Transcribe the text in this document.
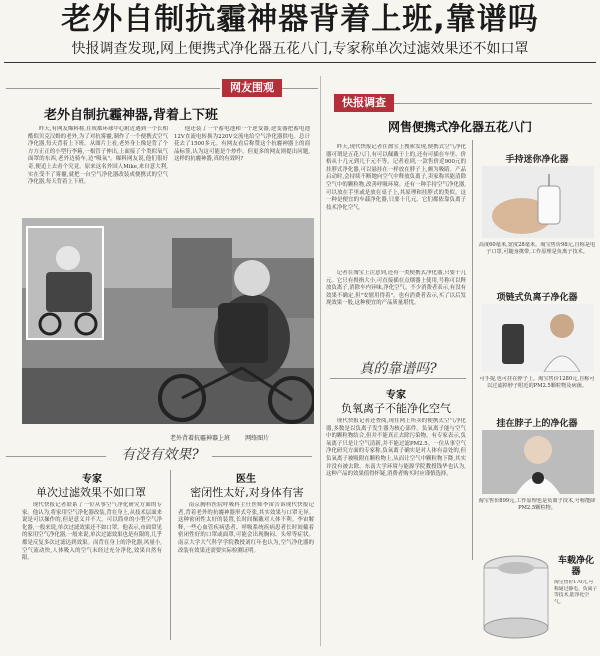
老外自制抗霾神器背着上班,靠谱吗
快报调查发现,网上便携式净化器五花八门,专家称单次过滤效果还不如口罩
网友围观
老外自制抗霾神器,背着上下班
昨天,有网友爆料称,在成都环球中心附近遇到一个长相酷似贝克汉姆的老外,为了对抗雾霾,制作了一个便携式空气净化器,每天背着上下班。从图片上看,老外身上像是背了个方方正正的小型行李箱,一根管子伸出,上面接了个类似氧气面罩的东西,老外边骑车,边"吸氧"。爆料网友说,他们很好奇,便追上去看个究竟。原来这名外国人Mike,来自意大利,实在受不了雾霾,就把一台空气净化器改装成便携式的空气净化器,每天背着上下班。
他还装了一个蓄电池和一个逆变器,逆变器把蓄电池12V直流电转换为220V交流电给空气净化器供电。总计花去了1500多元。有网友看后称赞这个抗霾神器上的商品标签,认为这可能是个炒作。但更多的网友则提出问题,这样的抗霾神器,真的有效吗?
老外背着抗霾神器上班	网络图片
有没有效果?
专家
单次过滤效果不如口罩
现代快报记者联系了一位从事空气净化研究方面的专家。他认为,将家用空气净化器改装,背在身上,从技术层面来说是可以操作的,但是意义并不大。可以简单的小型空气净化器,一般来说,单次过滤效果还不如口罩。他表示,市面常见的家用空气净化器,一般来说,单次过滤效果也是有限的,几乎都是反复多次过滤达到效果。而背在身上的净化器,风量小,空气流动快,人体吸入的空气未经过充分净化,效果自然有限。
医生
密闭性太好,对身体有害
南京胸科医院呼吸科主任医师李宙告诉现代快报记者,背着老外的抗霾神器形式夸张,其实效果与口罩无异。这种密闭性太好的装置,长时间佩戴对人体不利。李宙解释,一些心血管疾病患者、呼吸系统疾病患者长时间戴着密闭性好的口罩或面罩,可能会出现胸闷、头晕等症状。南京大学大气科学学院教授刘红年也认为,空气净化器的改装有效果还需要实际检测证明。
快报调查
网售便携式净化器五花八门
昨天,现代快报记者在淘宝上搜索发现,便携式空气净化器可谓是五花八门,有可以佩戴于上的,还有可插在车里、价格从十几元到几千元不等。记者看到,一款售价近900元的挂脖式净化器,可以悬挂在一样放在脖子上,颇为吸睛。产品启动时,会持续不断地向空气中释放负离子,卖家称其能清除空气中的颗粒物,改善呼吸环境。还有一种手持空气净化器,可以放在手里或是放在桌子上,其原理和挂脖式的类似。这一种是便宜的车载净化器,只要十几元。它们都依靠负离子技术净化空气。
记者在淘宝上注意到,还有一类便携式净化器,只要十几元。它只有拇指大小,可直接插在点烟器上使用,号称可以释放负离子,消除车内异味,净化空气。不少消费者表示,有没有效果不确定,但"安慰用得着"。也有消费者表示,买了以后发现效果一般,这种便宜的产品质量堪忧。
真的靠谱吗?
专家
负氧离子不能净化空气
现代快报记者还查阅,现在网上所卖的便携式空气净化器,多数是以负离子发生器为核心部件。负氧离子能与空气中的颗粒物结合,但并不能真正去除污染物。有专家表示,负氧离子只是让空气清新,并不能过滤PM2.5。一位从事空气净化研究方面的专家称,负氧离子确实是对人体有益处的,但负氧离子被吸附在颗粒物上,从而让空气中颗粒物下降,其实并没有被去除。东南大学环境与能源学院教授钱华也认为,这种产品的效果值得怀疑,消费者购买时应谨慎选择。
手持迷你净化器
高度60毫米,宽度28毫米。淘宝售价98元,自称是电子口罩,可随身携带,工作原理是负离子技术。
项链式负离子净化器
可手提,也可挂在脖子上。淘宝售价1280元,自称可以过滤掉脖子附近的PM2.5颗粒物及病菌。
挂在脖子上的净化器
淘宝售价899元,工作原理也是负离子技术,号称能降PM2.5颗粒物。
车载净化器
淘宝售价170元,号称通过静电、负离子等技术,能净化空气。
